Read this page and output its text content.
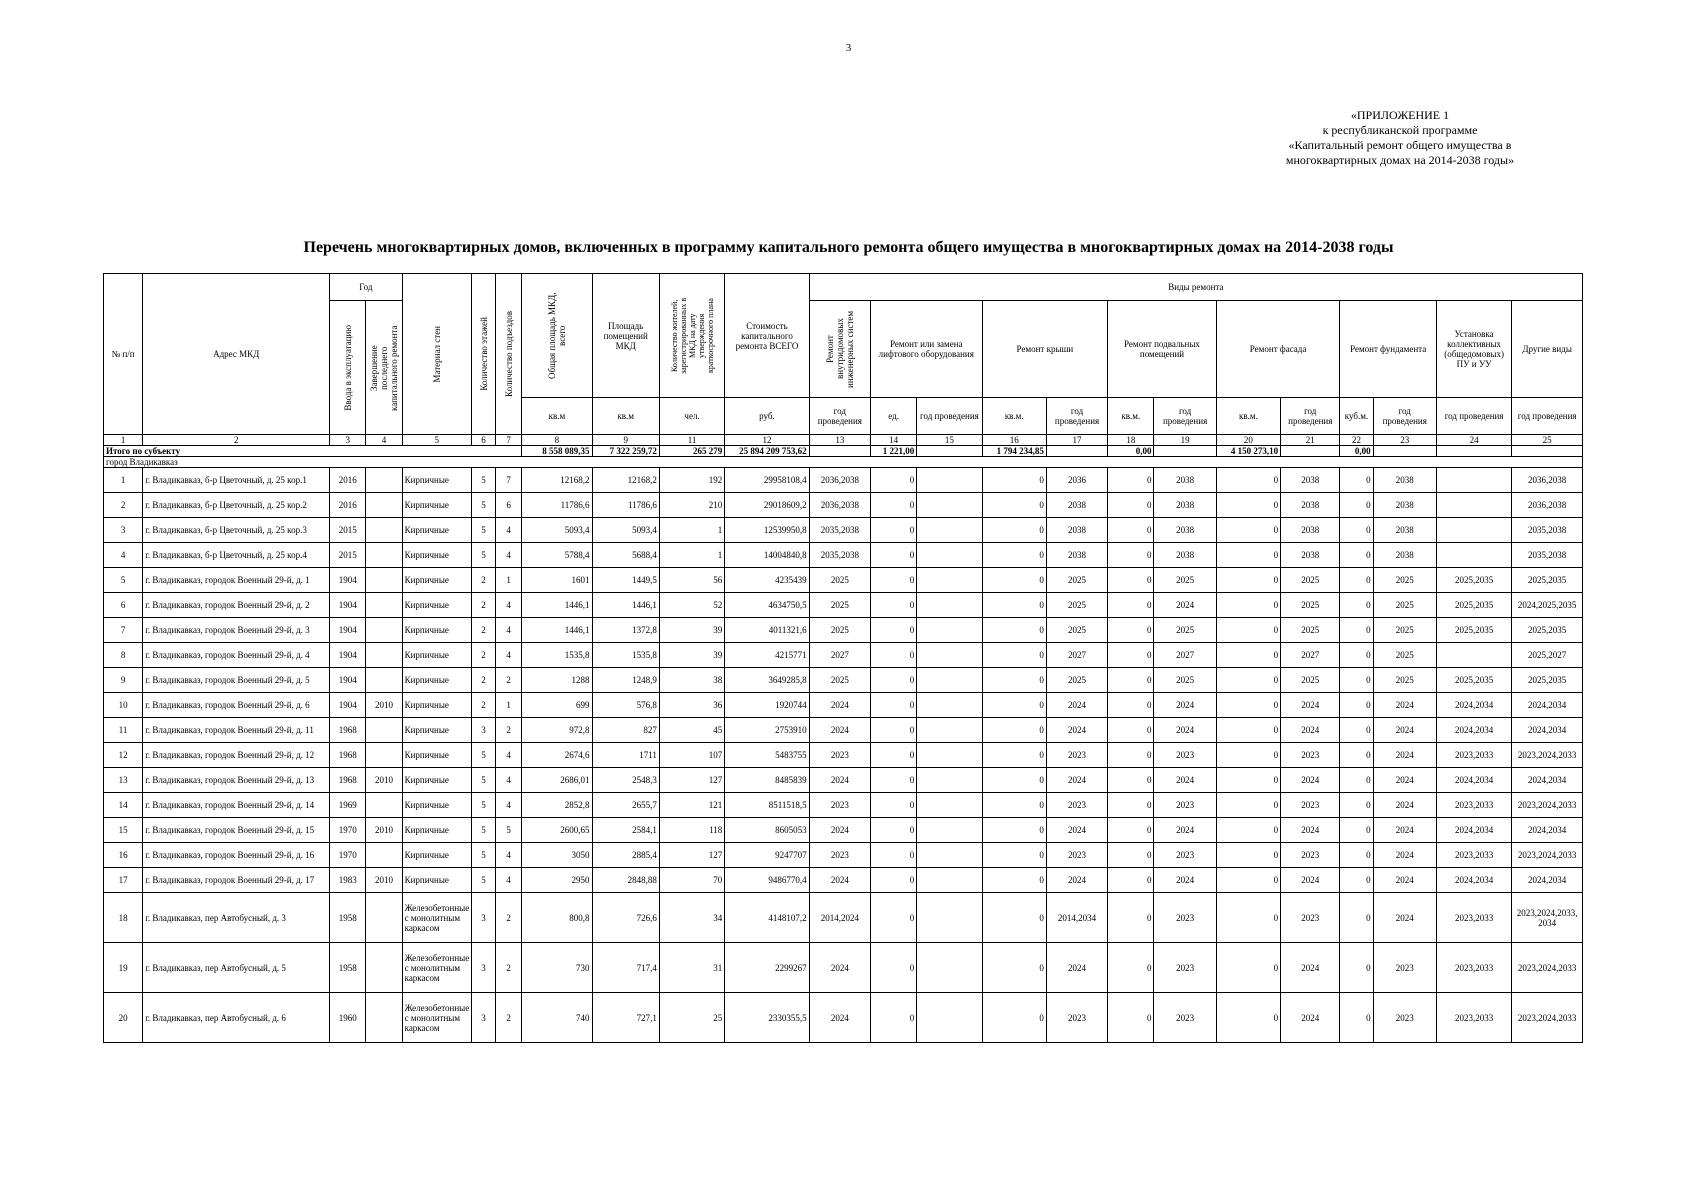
3
«ПРИЛОЖЕНИЕ 1
к республиканской программе
«Капитальный ремонт общего имущества в
многоквартирных домах на 2014-2038 годы»
Перечень многоквартирных домов, включенных в программу капитального ремонта общего имущества в многоквартирных домах на 2014-2038 годы
№ п/п	Адрес МКД	Год		Материал стен	Количество этажей	Количество подъездов	Общая площадь МКД, всего	Площадь помещений МКД	Количество жителей, зарегистрированных в МКД на дату утверждения краткосрочного плана	Стоимость капитального ремонта ВСЕГО	Виды ремонта												

		Ввода в эксплуатацию	Завершение последнего капитального ремонта								Ремонт внутридомовых инженерных систем	Ремонт или замена лифтового оборудования		Ремонт крыши		Ремонт подвальных помещений		Ремонт фасада		Ремонт фундамента		Установка коллективных (общедомовых) ПУ и УУ	Другие виды
							кв.м	кв.м	чел.	руб.	год проведения	ед.	год проведения	кв.м.	год проведения	кв.м.	год проведения	кв.м.	год проведения	куб.м.	год проведения	год проведения	год проведения
1	2	3	4	5	6	7	8	9	11	12	13	14	15	16	17	18	19	20	21	22	23	24	25
Итого по субъекту							8 558 089,35	7 322 259,72	265 279	25 894 209 753,62		1 221,00		1 794 234,85		0,00		4 150 273,10		0,00			
город Владикавказ																							
1	г. Владикавказ, б-р Цветочный, д. 25 кор.1	2016		Кирпичные	5	7	12168,2	12168,2	192	29958108,4	2036,2038	0		0	2036	0	2038	0	2038	0	2038		2036,2038
2	г. Владикавказ, б-р Цветочный, д. 25 кор.2	2016		Кирпичные	5	6	11786,6	11786,6	210	29018609,2	2036,2038	0		0	2038	0	2038	0	2038	0	2038		2036,2038
3	г. Владикавказ, б-р Цветочный, д. 25 кор.3	2015		Кирпичные	5	4	5093,4	5093,4	1	12539950,8	2035,2038	0		0	2038	0	2038	0	2038	0	2038		2035,2038
4	г. Владикавказ, б-р Цветочный, д. 25 кор.4	2015		Кирпичные	5	4	5788,4	5688,4	1	14004840,8	2035,2038	0		0	2038	0	2038	0	2038	0	2038		2035,2038
5	г. Владикавказ, городок Военный 29-й, д. 1	1904		Кирпичные	2	1	1601	1449,5	56	4235439	2025	0		0	2025	0	2025	0	2025	0	2025	2025,2035	2025,2035
6	г. Владикавказ, городок Военный 29-й, д. 2	1904		Кирпичные	2	4	1446,1	1446,1	52	4634750,5	2025	0		0	2025	0	2024	0	2025	0	2025	2025,2035	2024,2025,2035
7	г. Владикавказ, городок Военный 29-й, д. 3	1904		Кирпичные	2	4	1446,1	1372,8	39	4011321,6	2025	0		0	2025	0	2025	0	2025	0	2025	2025,2035	2025,2035
8	г. Владикавказ, городок Военный 29-й, д. 4	1904		Кирпичные	2	4	1535,8	1535,8	39	4215771	2027	0		0	2027	0	2027	0	2027	0	2025		2025,2027
9	г. Владикавказ, городок Военный 29-й, д. 5	1904		Кирпичные	2	2	1288	1248,9	38	3649285,8	2025	0		0	2025	0	2025	0	2025	0	2025	2025,2035	2025,2035
10	г. Владикавказ, городок Военный 29-й, д. 6	1904	2010	Кирпичные	2	1	699	576,8	36	1920744	2024	0		0	2024	0	2024	0	2024	0	2024	2024,2034	2024,2034
11	г. Владикавказ, городок Военный 29-й, д. 11	1968		Кирпичные	3	2	972,8	827	45	2753910	2024	0		0	2024	0	2024	0	2024	0	2024	2024,2034	2024,2034
12	г. Владикавказ, городок Военный 29-й, д. 12	1968		Кирпичные	5	4	2674,6	1711	107	5483755	2023	0		0	2023	0	2023	0	2023	0	2024	2023,2033	2023,2024,2033
13	г. Владикавказ, городок Военный 29-й, д. 13	1968	2010	Кирпичные	5	4	2686,01	2548,3	127	8485839	2024	0		0	2024	0	2024	0	2024	0	2024	2024,2034	2024,2034
14	г. Владикавказ, городок Военный 29-й, д. 14	1969		Кирпичные	5	4	2852,8	2655,7	121	8511518,5	2023	0		0	2023	0	2023	0	2023	0	2024	2023,2033	2023,2024,2033
15	г. Владикавказ, городок Военный 29-й, д. 15	1970	2010	Кирпичные	5	5	2600,65	2584,1	118	8605053	2024	0		0	2024	0	2024	0	2024	0	2024	2024,2034	2024,2034
16	г. Владикавказ, городок Военный 29-й, д. 16	1970		Кирпичные	5	4	3050	2885,4	127	9247707	2023	0		0	2023	0	2023	0	2023	0	2024	2023,2033	2023,2024,2033
17	г. Владикавказ, городок Военный 29-й, д. 17	1983	2010	Кирпичные	5	4	2950	2848,88	70	9486770,4	2024	0		0	2024	0	2024	0	2024	0	2024	2024,2034	2024,2034
18	г. Владикавказ, пер Автобусный, д. 3	1958		Железобетонные с монолитным каркасом	3	2	800,8	726,6	34	4148107,2	2014,2024	0		0	2014,2034	0	2023	0	2023	0	2024	2023,2033	2023,2024,2033, 2034
19	г. Владикавказ, пер Автобусный, д. 5	1958		Железобетонные с монолитным каркасом	3	2	730	717,4	31	2299267	2024	0		0	2024	0	2023	0	2024	0	2023	2023,2033	2023,2024,2033
20	г. Владикавказ, пер Автобусный, д. 6	1960		Железобетонные с монолитным каркасом	3	2	740	727,1	25	2330355,5	2024	0		0	2023	0	2023	0	2024	0	2023	2023,2033	2023,2024,2033
